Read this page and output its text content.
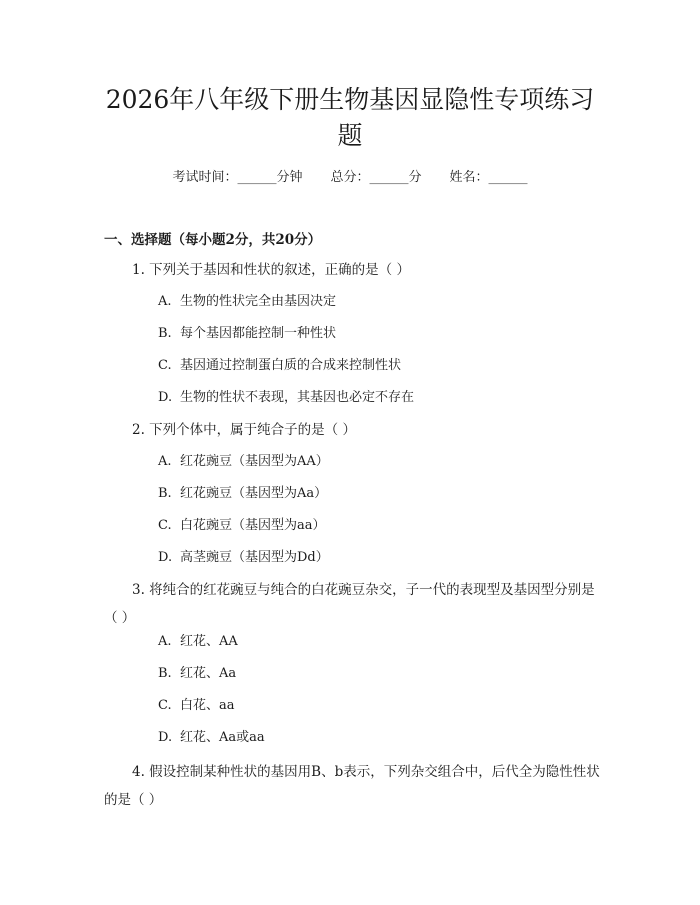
2026年八年级下册生物基因显隐性专项练习
题
考试时间：______分钟 总分：______分 姓名：______
一、选择题（每小题2分，共20分）
1. 下列关于基因和性状的叙述，正确的是（ ）
A. 生物的性状完全由基因决定
B. 每个基因都能控制一种性状
C. 基因通过控制蛋白质的合成来控制性状
D. 生物的性状不表现，其基因也必定不存在
2. 下列个体中，属于纯合子的是（ ）
A. 红花豌豆（基因型为AA）
B. 红花豌豆（基因型为Aa）
C. 白花豌豆（基因型为aa）
D. 高茎豌豆（基因型为Dd）
3. 将纯合的红花豌豆与纯合的白花豌豆杂交，子一代的表现型及基因型分别是（ ）
A. 红花、AA
B. 红花、Aa
C. 白花、aa
D. 红花、Aa或aa
4. 假设控制某种性状的基因用B、b表示，下列杂交组合中，后代全为隐性性状的是（ ）
